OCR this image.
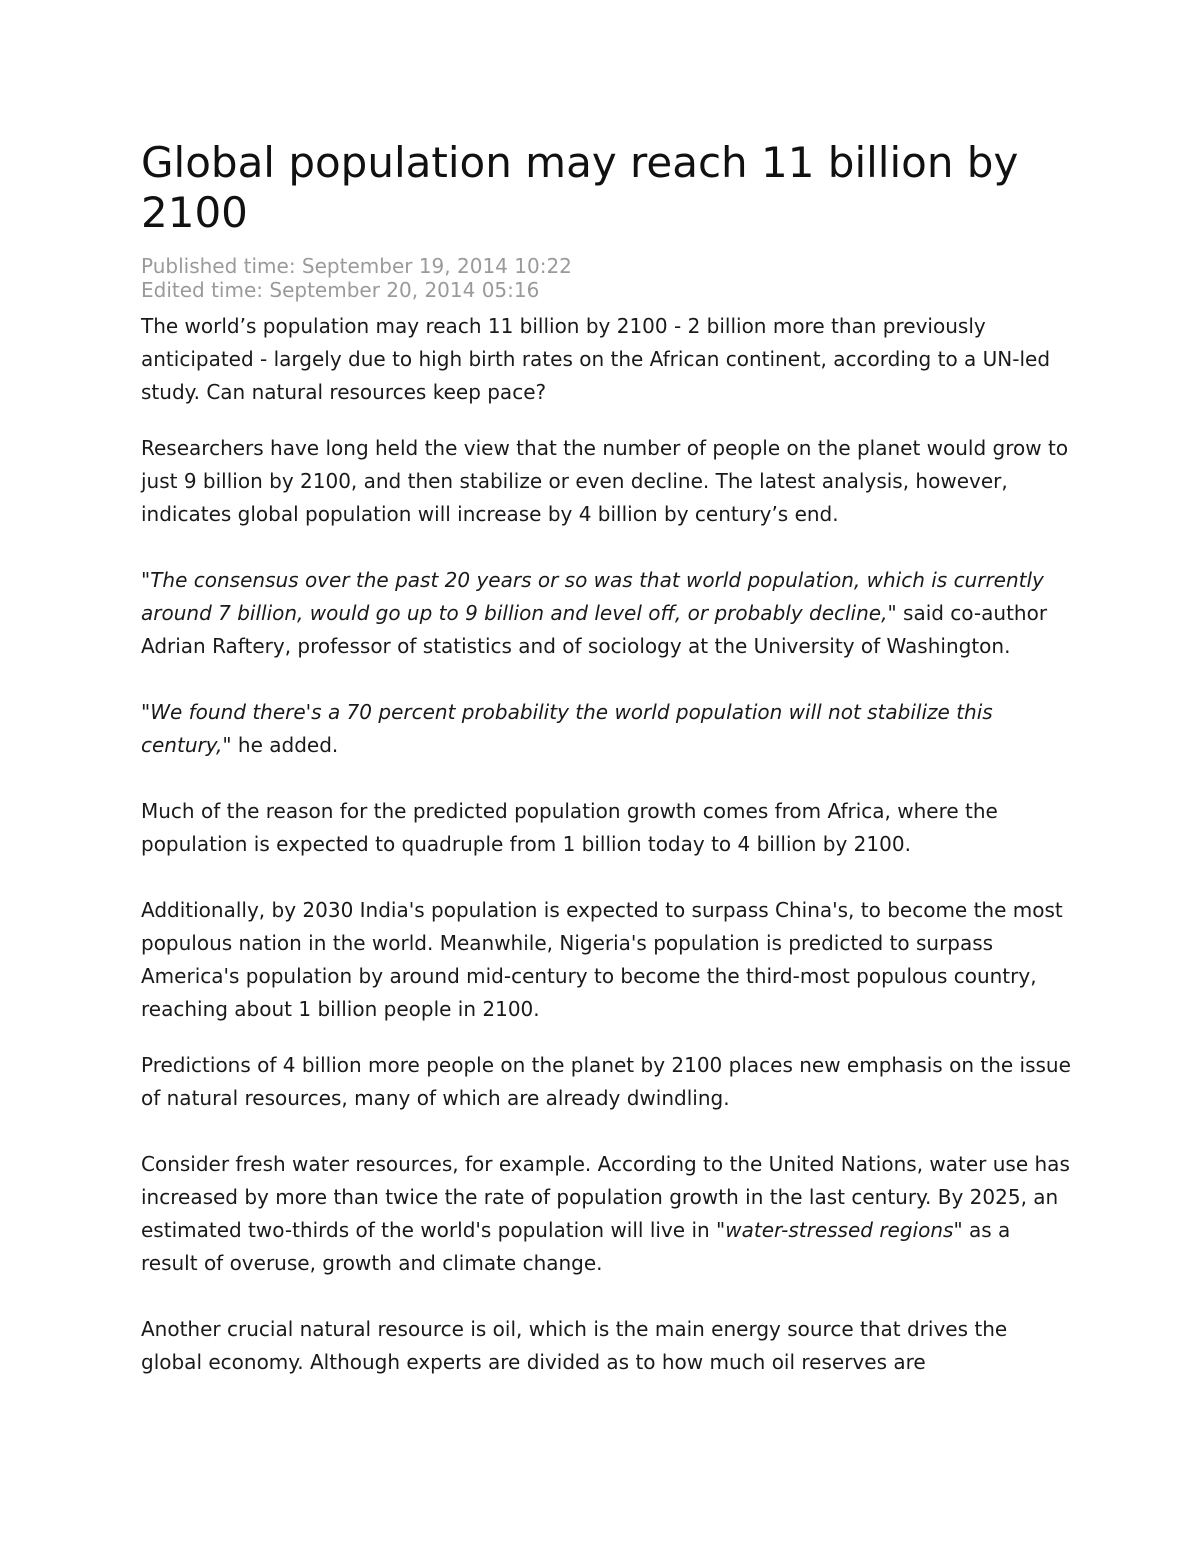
Global population may reach 11 billion by 2100
Published time: September 19, 2014 10:22
Edited time: September 20, 2014 05:16

The world’s population may reach 11 billion by 2100 - 2 billion more than previously anticipated - largely due to high birth rates on the African continent, according to a UN-led study. Can natural resources keep pace?

Researchers have long held the view that the number of people on the planet would grow to just 9 billion by 2100, and then stabilize or even decline. The latest analysis, however, indicates global population will increase by 4 billion by century’s end.

"The consensus over the past 20 years or so was that world population, which is currently around 7 billion, would go up to 9 billion and level off, or probably decline," said co-author Adrian Raftery, professor of statistics and of sociology at the University of Washington.

"We found there's a 70 percent probability the world population will not stabilize this century," he added.

Much of the reason for the predicted population growth comes from Africa, where the population is expected to quadruple from 1 billion today to 4 billion by 2100.

Additionally, by 2030 India's population is expected to surpass China's, to become the most populous nation in the world. Meanwhile, Nigeria's population is predicted to surpass America's population by around mid-century to become the third-most populous country, reaching about 1 billion people in 2100.

Predictions of 4 billion more people on the planet by 2100 places new emphasis on the issue of natural resources, many of which are already dwindling.

Consider fresh water resources, for example. According to the United Nations, water use has increased by more than twice the rate of population growth in the last century. By 2025, an estimated two-thirds of the world's population will live in "water-stressed regions" as a result of overuse, growth and climate change.

Another crucial natural resource is oil, which is the main energy source that drives the global economy. Although experts are divided as to how much oil reserves are
